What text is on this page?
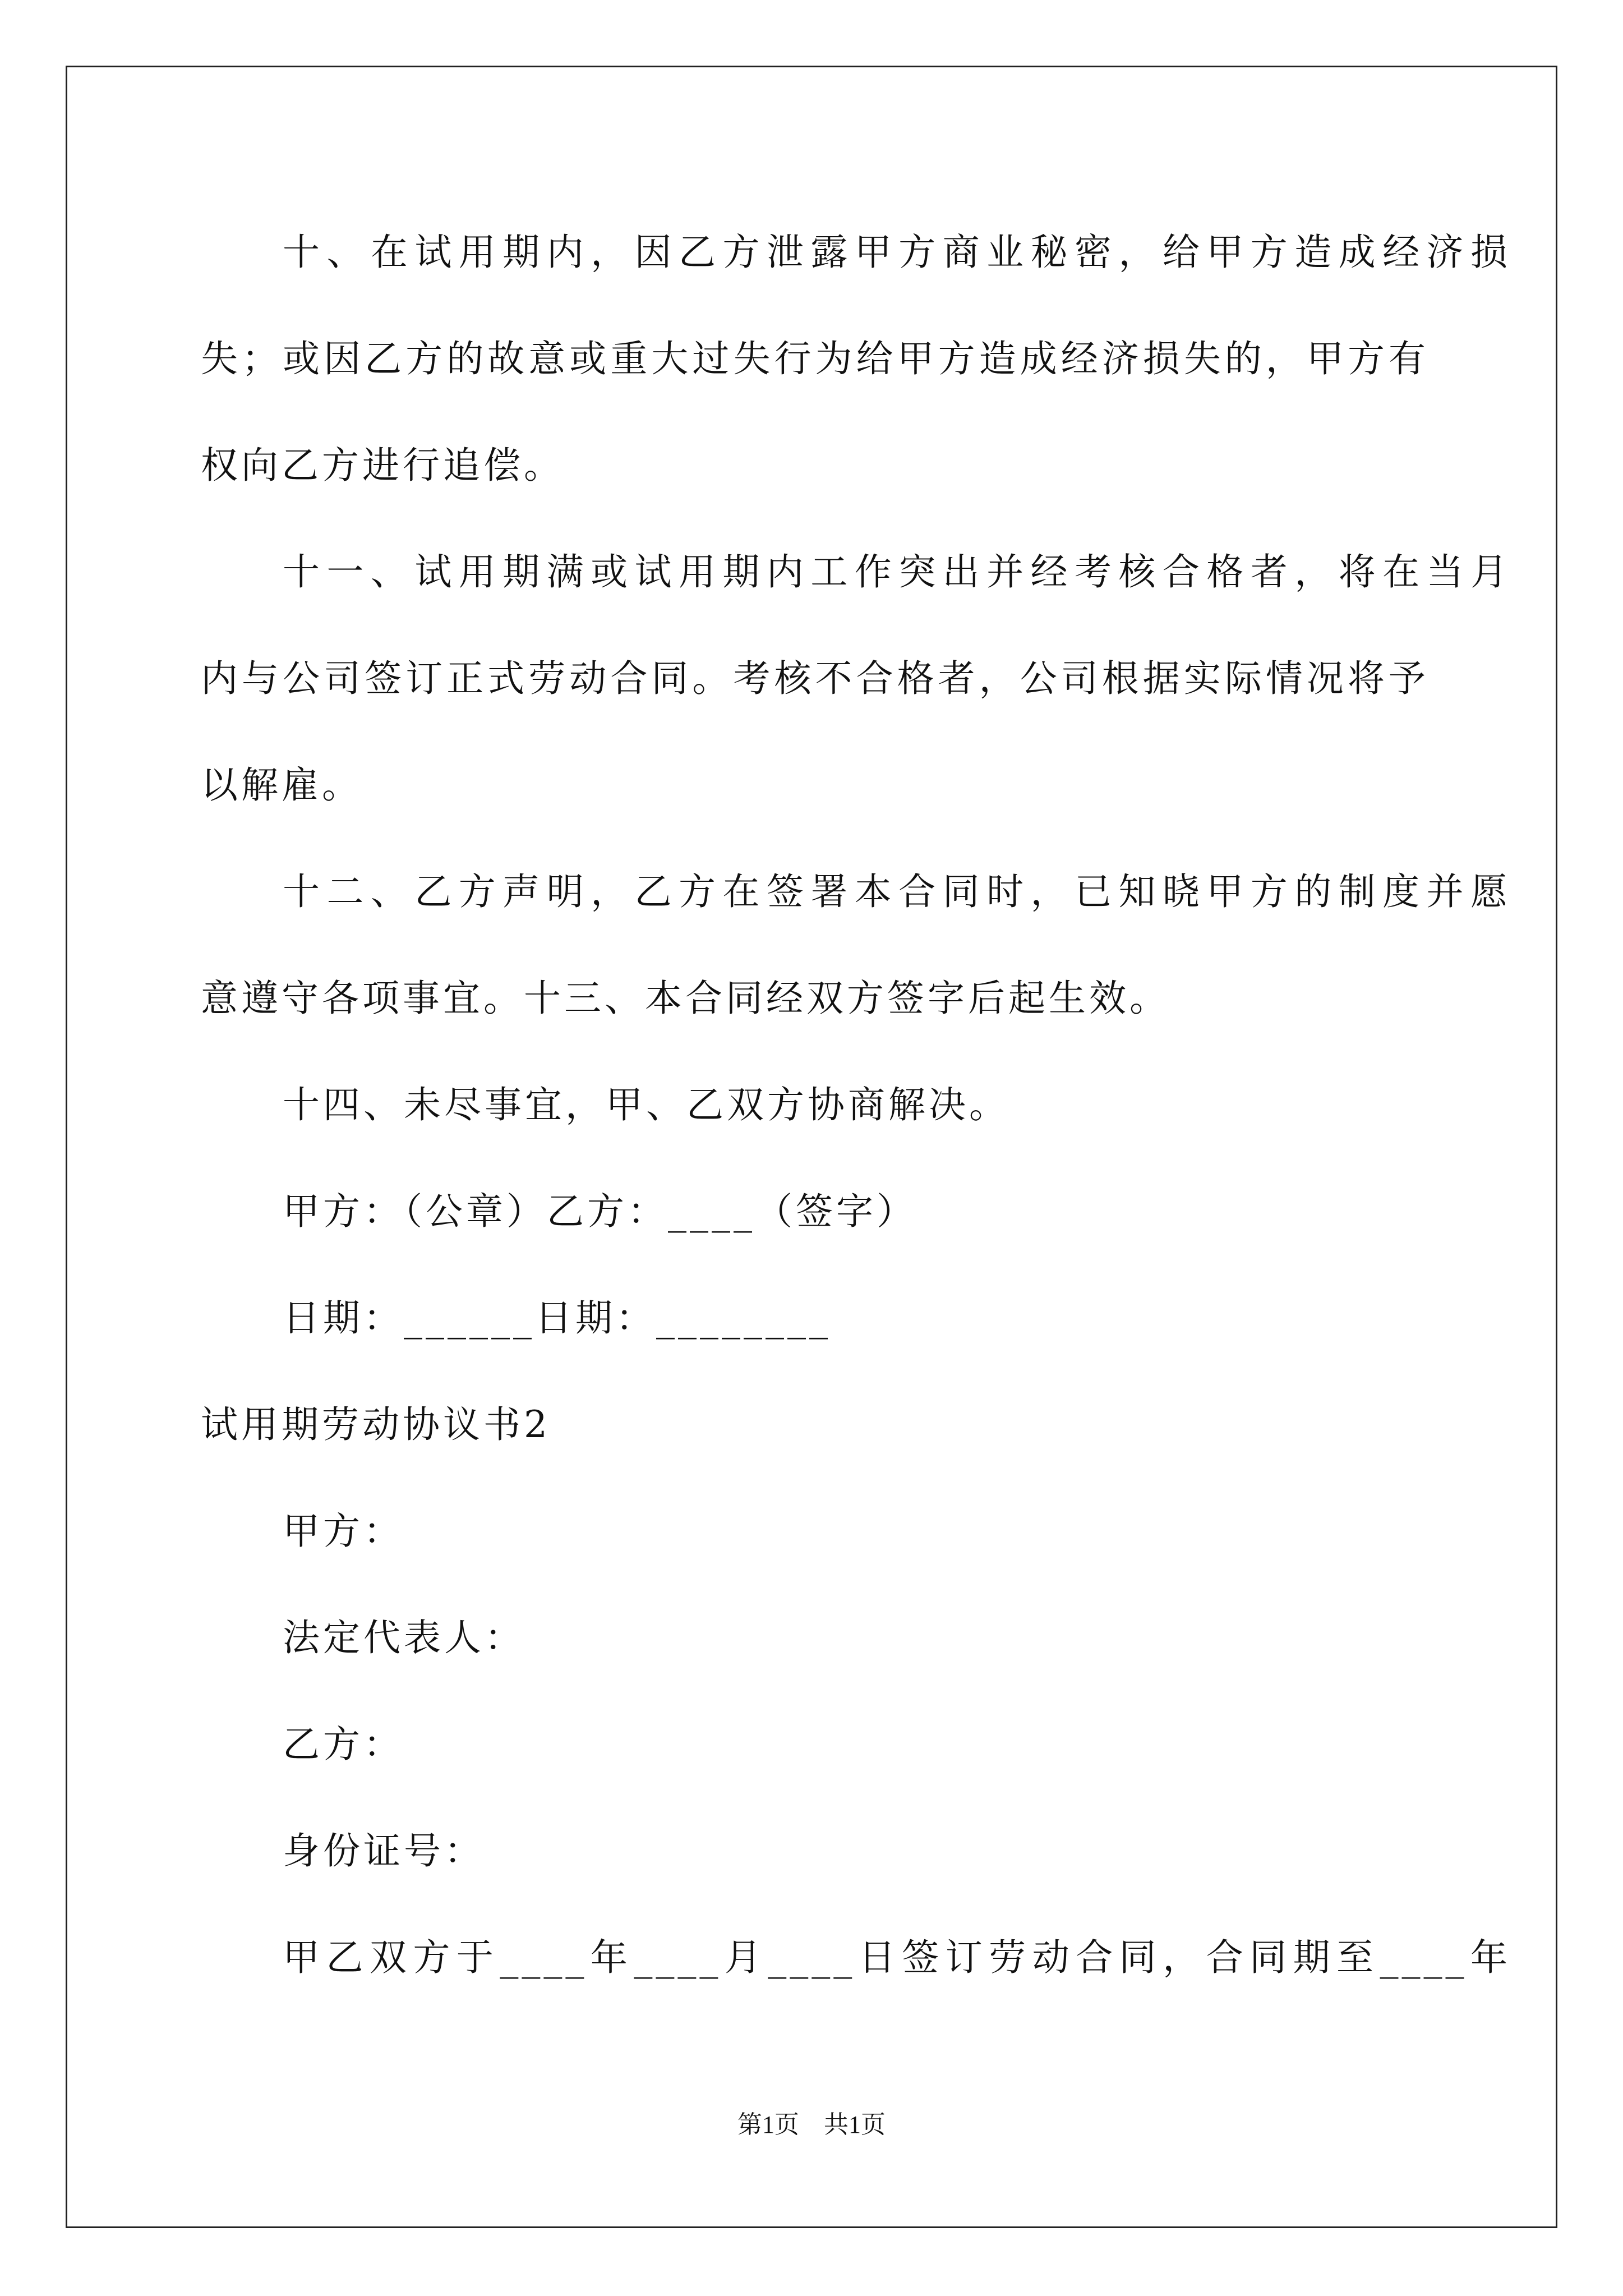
十、在试用期内，因乙方泄露甲方商业秘密，给甲方造成经济损
失；或因乙方的故意或重大过失行为给甲方造成经济损失的，甲方有
权向乙方进行追偿。
十一、试用期满或试用期内工作突出并经考核合格者，将在当月
内与公司签订正式劳动合同。考核不合格者，公司根据实际情况将予
以解雇。
十二、乙方声明，乙方在签署本合同时，已知晓甲方的制度并愿
意遵守各项事宜。十三、本合同经双方签字后起生效。
十四、未尽事宜，甲、乙双方协商解决。
甲方：（公章）乙方：____（签字）
日期：______日期：________
试用期劳动协议书2
甲方：
法定代表人：
乙方：
身份证号：
甲乙双方于____年____月____日签订劳动合同，合同期至____年
第1页　共1页
